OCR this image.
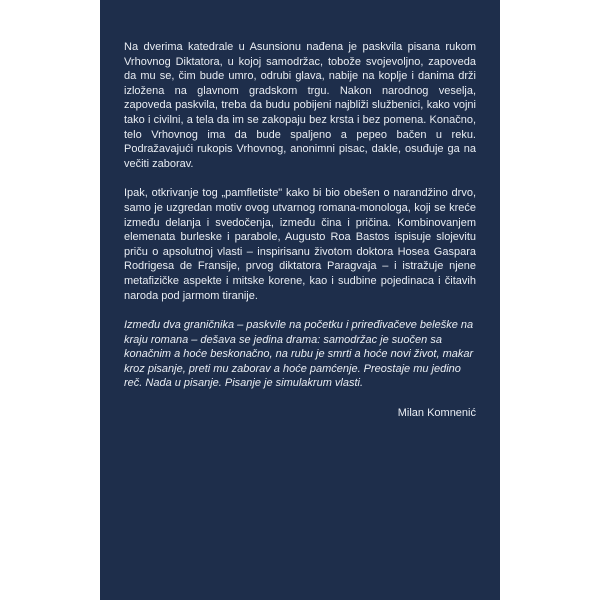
Na dverima katedrale u Asunsionu nađena je paskvila pisana rukom Vrhovnog Diktatora, u kojoj samodržac, tobože svojevoljno, zapoveda da mu se, čim bude umro, odrubi glava, nabije na koplje i danima drži izložena na glavnom gradskom trgu. Nakon narodnog veselja, zapoveda paskvila, treba da budu pobijeni najbliži službenici, kako vojni tako i civilni, a tela da im se zakopaju bez krsta i bez pomena. Konačno, telo Vrhovnog ima da bude spaljeno a pepeo bačen u reku. Podražavajući rukopis Vrhovnog, anonimni pisac, dakle, osuđuje ga na večiti zaborav.

Ipak, otkrivanje tog „pamfletiste" kako bi bio obešen o narandžino drvo, samo je uzgredan motiv ovog utvarnog romana-monologa, koji se kreće između delanja i svedočenja, između čina i pričina. Kombinovanjem elemenata burleske i parabole, Augusto Roa Bastos ispisuje slojevitu priču o apsolutnoj vlasti – inspirisanu životom doktora Hosea Gaspara Rodrigesa de Fransije, prvog diktatora Paragvaja – i istražuje njene metafizičke aspekte i mitske korene, kao i sudbine pojedinaca i čitavih naroda pod jarmom tiranije.

Između dva graničnika – paskvile na početku i priređivačeve beleške na kraju romana – dešava se jedina drama: samodržac je suočen sa konačnim a hoće beskonačno, na rubu je smrti a hoće novi život, makar kroz pisanje, preti mu zaborav a hoće pamćenje. Preostaje mu jedino reč. Nada u pisanje. Pisanje je simulakrum vlasti.

Milan Komnenić
